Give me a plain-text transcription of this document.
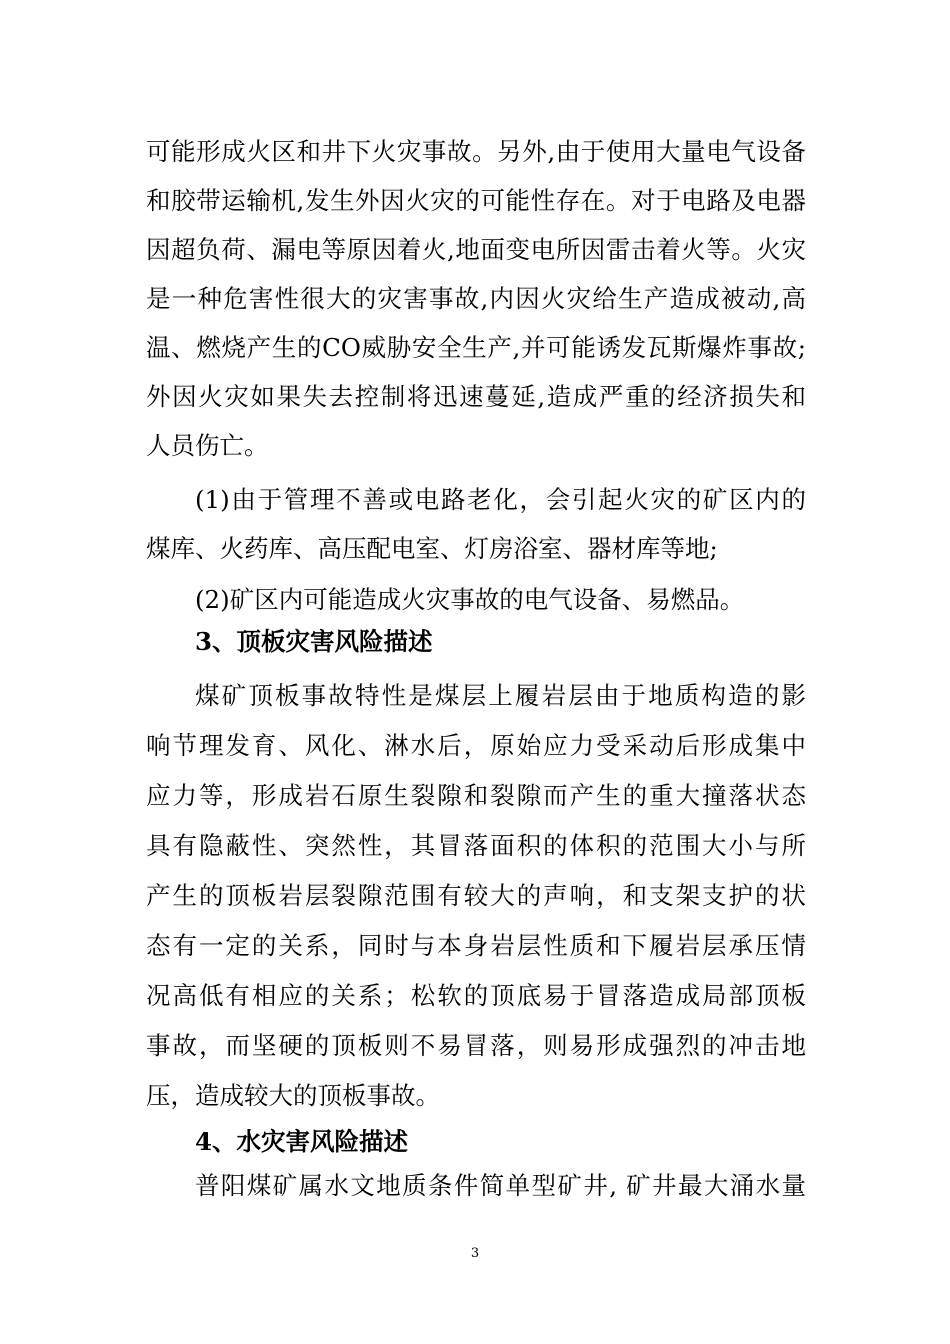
可能形成火区和井下火灾事故。另外,由于使用大量电气设备
和胶带运输机,发生外因火灾的可能性存在。对于电路及电器
因超负荷、漏电等原因着火,地面变电所因雷击着火等。火灾
是一种危害性很大的灾害事故,内因火灾给生产造成被动,高
温、燃烧产生的CO威胁安全生产,并可能诱发瓦斯爆炸事故;
外因火灾如果失去控制将迅速蔓延,造成严重的经济损失和
人员伤亡。
(1)由于管理不善或电路老化，会引起火灾的矿区内的
煤库、火药库、高压配电室、灯房浴室、器材库等地;
(2)矿区内可能造成火灾事故的电气设备、易燃品。
3、顶板灾害风险描述
煤矿顶板事故特性是煤层上履岩层由于地质构造的影
响节理发育、风化、淋水后，原始应力受采动后形成集中
应力等，形成岩石原生裂隙和裂隙而产生的重大撞落状态
具有隐蔽性、突然性，其冒落面积的体积的范围大小与所
产生的顶板岩层裂隙范围有较大的声响，和支架支护的状
态有一定的关系，同时与本身岩层性质和下履岩层承压情
况高低有相应的关系；松软的顶底易于冒落造成局部顶板
事故，而坚硬的顶板则不易冒落，则易形成强烈的冲击地
压，造成较大的顶板事故。
4、水灾害风险描述
普阳煤矿属水文地质条件简单型矿井, 矿井最大涌水量
3
